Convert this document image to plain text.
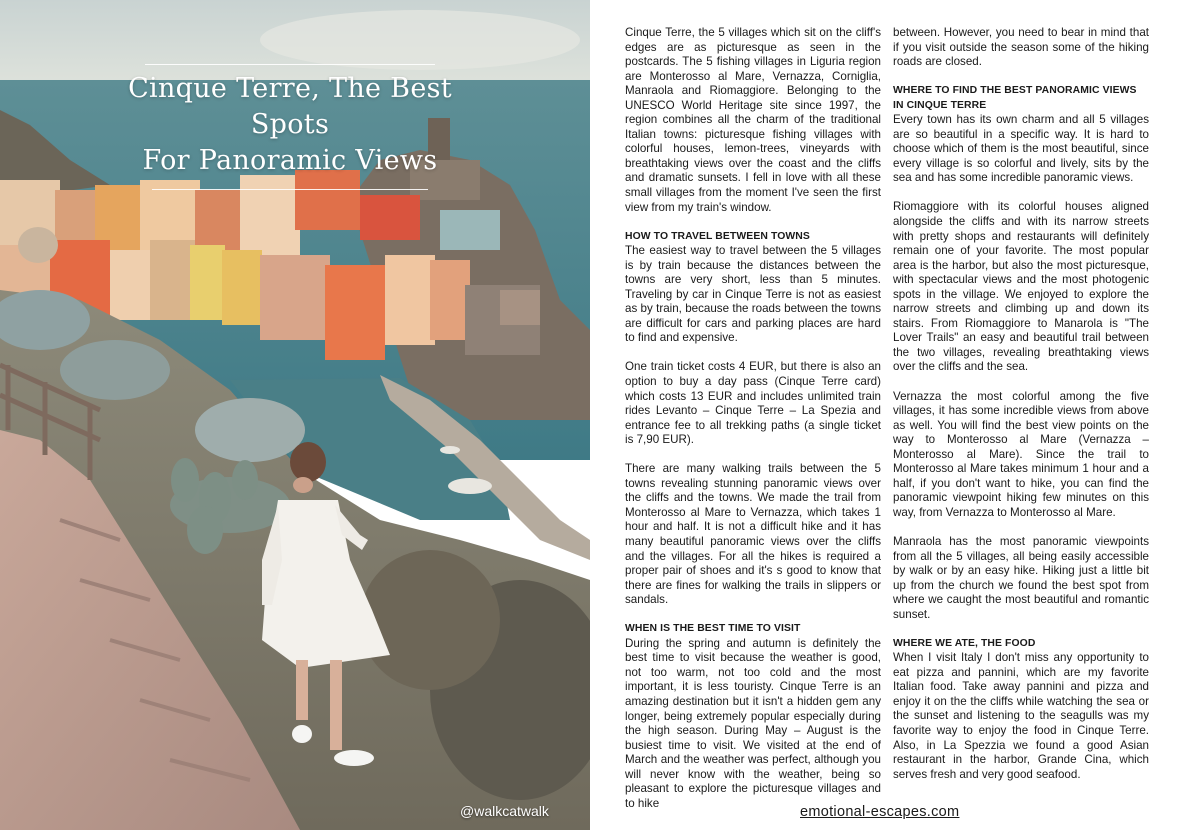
Cinque Terre, The Best Spots
For Panoramic Views
@walkcatwalk

Cinque Terre, the 5 villages which sit on the cliff's edges are as picturesque as seen in the postcards. The 5 fishing villages in Liguria region are Monterosso al Mare, Vernazza, Corniglia, Manraola and Riomaggiore. Belonging to the UNESCO World Heritage site since 1997, the region combines all the charm of the traditional Italian towns: picturesque fishing villages with colorful houses, lemon-trees, vineyards with breathtaking views over the coast and the cliffs and dramatic sunsets. I fell in love with all these small villages from the moment I've seen the first view from my train's window.

HOW TO TRAVEL BETWEEN TOWNS

The easiest way to travel between the 5 villages is by train because the distances between the towns are very short, less than 5 minutes. Traveling by car in Cinque Terre is not as easiest as by train, because the roads between the towns are difficult for cars and parking places are hard to find and expensive.

One train ticket costs 4 EUR, but there is also an option to buy a day pass (Cinque Terre card) which costs 13 EUR and includes unlimited train rides Levanto – Cinque Terre – La Spezia and entrance fee to all trekking paths (a single ticket is 7,90 EUR).

There are many walking trails between the 5 towns revealing stunning panoramic views over the cliffs and the towns. We made the trail from Monterosso al Mare to Vernazza, which takes 1 hour and half. It is not a difficult hike and it has many beautiful panoramic views over the cliffs and the villages. For all the hikes is required a proper pair of shoes and it's s good to know that there are fines for walking the trails in slippers or sandals.

WHEN IS THE BEST TIME TO VISIT

During the spring and autumn is definitely the best time to visit because the weather is good, not too warm, not too cold and the most important, it is less touristy. Cinque Terre is an amazing destination but it isn't a hidden gem any longer, being extremely popular especially during the high season. During May – August is the busiest time to visit. We visited at the end of March and the weather was perfect, although you will never know with the weather, being so pleasant to explore the picturesque villages and to hike

between. However, you need to bear in mind that if you visit outside the season some of the hiking roads are closed.

WHERE TO FIND THE BEST PANORAMIC VIEWS IN CINQUE TERRE

Every town has its own charm and all 5 villages are so beautiful in a specific way. It is hard to choose which of them is the most beautiful, since every village is so colorful and lively, sits by the sea and has some incredible panoramic views.

Riomaggiore with its colorful houses aligned alongside the cliffs and with its narrow streets with pretty shops and restaurants will definitely remain one of your favorite. The most popular area is the harbor, but also the most picturesque, with spectacular views and the most photogenic spots in the village. We enjoyed to explore the narrow streets and climbing up and down its stairs. From Riomaggiore to Manarola is "The Lover Trails" an easy and beautiful trail between the two villages, revealing breathtaking views over the cliffs and the sea.

Vernazza the most colorful among the five villages, it has some incredible views from above as well. You will find the best view points on the way to Monterosso al Mare (Vernazza – Monterosso al Mare). Since the trail to Monterosso al Mare takes minimum 1 hour and a half, if you don't want to hike, you can find the panoramic viewpoint hiking few minutes on this way, from Vernazza to Monterosso al Mare.

Manraola has the most panoramic viewpoints from all the 5 villages, all being easily accessible by walk or by an easy hike. Hiking just a little bit up from the church we found the best spot from where we caught the most beautiful and romantic sunset.

WHERE WE ATE, THE FOOD

When I visit Italy I don't miss any opportunity to eat pizza and pannini, which are my favorite Italian food. Take away pannini and pizza and enjoy it on the the cliffs while watching the sea or the sunset and listening to the seagulls was my favorite way to enjoy the food in Cinque Terre. Also, in La Spezzia we found a good Asian restaurant in the harbor, Grande Cina, which serves fresh and very good seafood.

emotional-escapes.com
